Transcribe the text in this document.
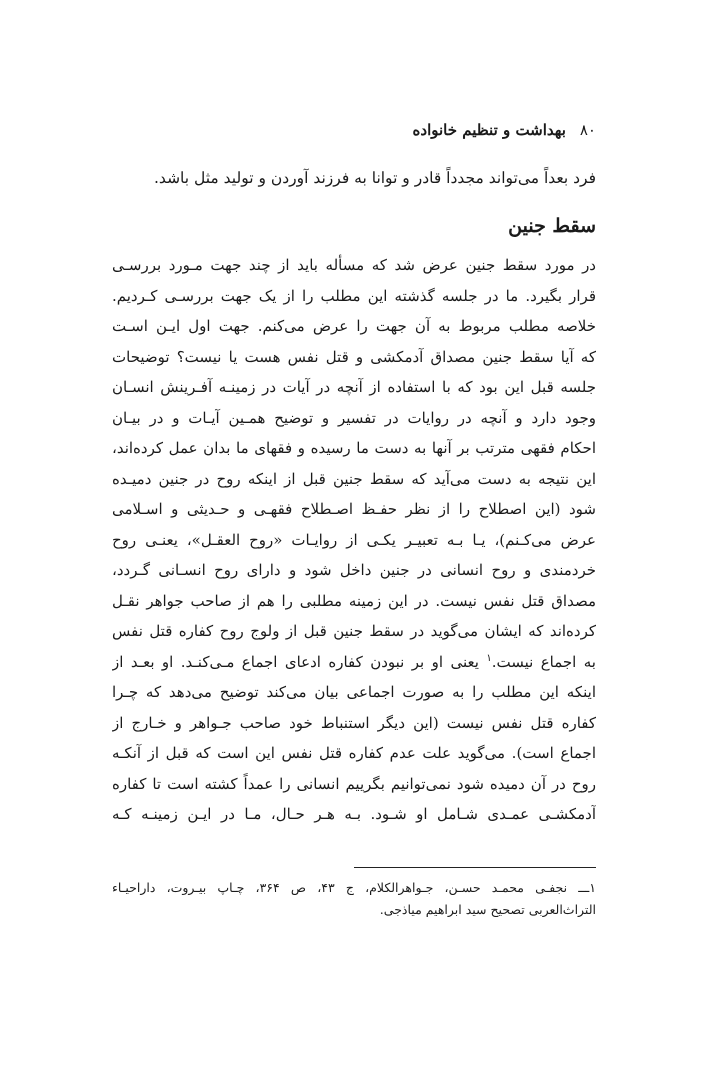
۸۰
بهداشت و تنظیم خانواده
فرد بعداً می‌تواند مجدداً قادر و توانا به فرزند آوردن و تولید مثل باشد.
سقط جنین
در مورد سقط جنین عرض شد که مسأله باید از چند جهت مـورد بررسـی
قرار بگیرد. ما در جلسه گذشته این مطلب را از یک جهت بررسـی کـردیم.
خلاصه مطلب مربوط به آن جهت را عرض می‌کنم. جهت اول ایـن اسـت
که آیا سقط جنین مصداق آدمکشی و قتل نفس هست یا نیست؟ توضیحات
جلسه قبل این بود که با استفاده از آنچه در آیات در زمینـه آفـرینش انسـان
وجود دارد و آنچه در روایات در تفسیر و توضیح همـین آیـات و در بیـان
احکام فقهی مترتب بر آنها به دست ما رسیده و فقهای ما بدان عمل کرده‌اند،
این نتیجه به دست می‌آید که سقط جنین قبل از اینکه روح در جنین دمیـده
شود (این اصطلاح را از نظر حفـظ اصـطلاح فقهـی و حـدیثی و اسـلامی
عرض می‌کـنم)، یـا بـه تعبیـر یکـی از روایـات «روح العقـل»، یعنـی روح
خردمندی و روح انسانی در جنین داخل شود و دارای روح انسـانی گـردد،
مصداق قتل نفس نیست. در این زمینه مطلبی را هم از صاحب جواهر نقـل
کرده‌اند که ایشان می‌گوید در سقط جنین قبل از ولوج روح کفاره قتل نفس
به اجماع نیست.$^۱$ یعنی او بر نبودن کفاره ادعای اجماع مـی‌کنـد. او بعـد از
اینکه این مطلب را به صورت اجماعی بیان می‌کند توضیح می‌دهد که چـرا
کفاره قتل نفس نیست (این دیگر استنباط خود صاحب جـواهر و خـارج از
اجماع است). می‌گوید علت عدم کفاره قتل نفس این است که قبل از آنکـه
روح در آن دمیده شود نمی‌توانیم بگرییم انسانی را عمداً کشته است تا کفاره
آدمکشـی عمـدی شـامل او شـود. بـه هـر حـال، مـا در ایـن زمینـه کـه
۱ـــ نجفـی محمـد حسـن، جـواهرالکلام، ج ۴۳، ص ۳۶۴، چـاپ بیـروت، داراحیـاء
التراث‌العربی تصحیح سید ابراهیم میاذجی.
